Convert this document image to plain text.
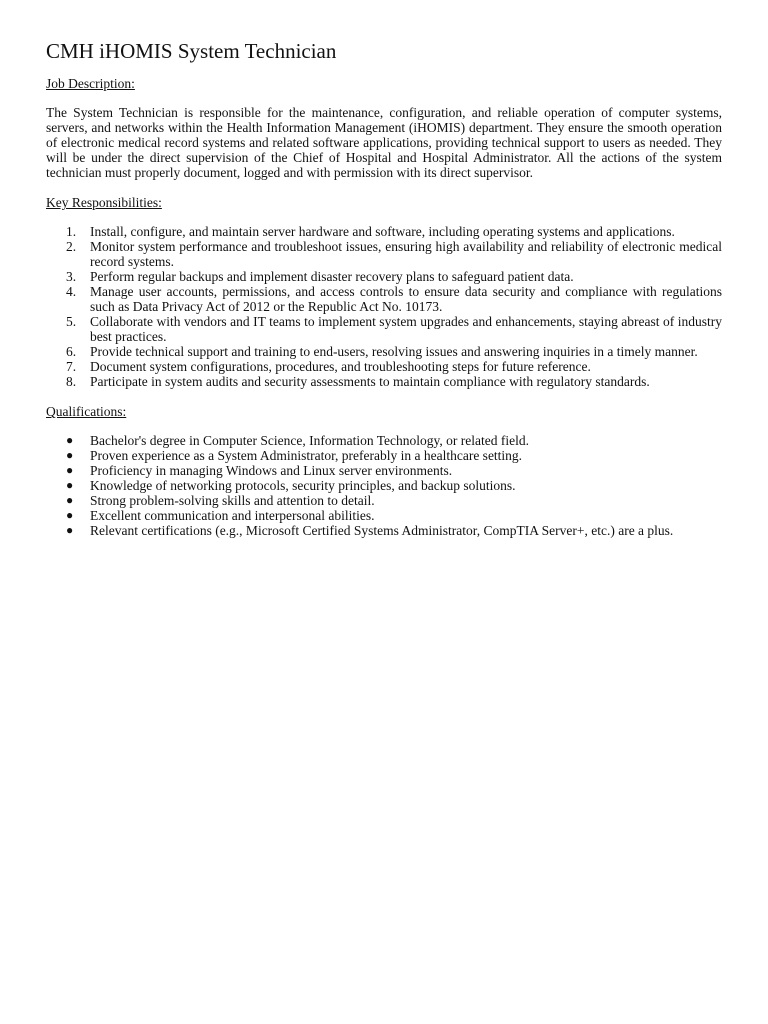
CMH iHOMIS System Technician
Job Description:

The System Technician is responsible for the maintenance, configuration, and reliable operation of computer systems, servers, and networks within the Health Information Management (iHOMIS) department. They ensure the smooth operation of electronic medical record systems and related software applications, providing technical support to users as needed. They will be under the direct supervision of the Chief of Hospital and Hospital Administrator. All the actions of the system technician must properly document, logged and with permission with its direct supervisor.

Key Responsibilities:
1. Install, configure, and maintain server hardware and software, including operating systems and applications.
2. Monitor system performance and troubleshoot issues, ensuring high availability and reliability of electronic medical record systems.
3. Perform regular backups and implement disaster recovery plans to safeguard patient data.
4. Manage user accounts, permissions, and access controls to ensure data security and compliance with regulations such as Data Privacy Act of 2012 or the Republic Act No. 10173.
5. Collaborate with vendors and IT teams to implement system upgrades and enhancements, staying abreast of industry best practices.
6. Provide technical support and training to end-users, resolving issues and answering inquiries in a timely manner.
7. Document system configurations, procedures, and troubleshooting steps for future reference.
8. Participate in system audits and security assessments to maintain compliance with regulatory standards.
Qualifications:
● Bachelor's degree in Computer Science, Information Technology, or related field.
● Proven experience as a System Administrator, preferably in a healthcare setting.
● Proficiency in managing Windows and Linux server environments.
● Knowledge of networking protocols, security principles, and backup solutions.
● Strong problem-solving skills and attention to detail.
● Excellent communication and interpersonal abilities.
● Relevant certifications (e.g., Microsoft Certified Systems Administrator, CompTIA Server+, etc.) are a plus.
